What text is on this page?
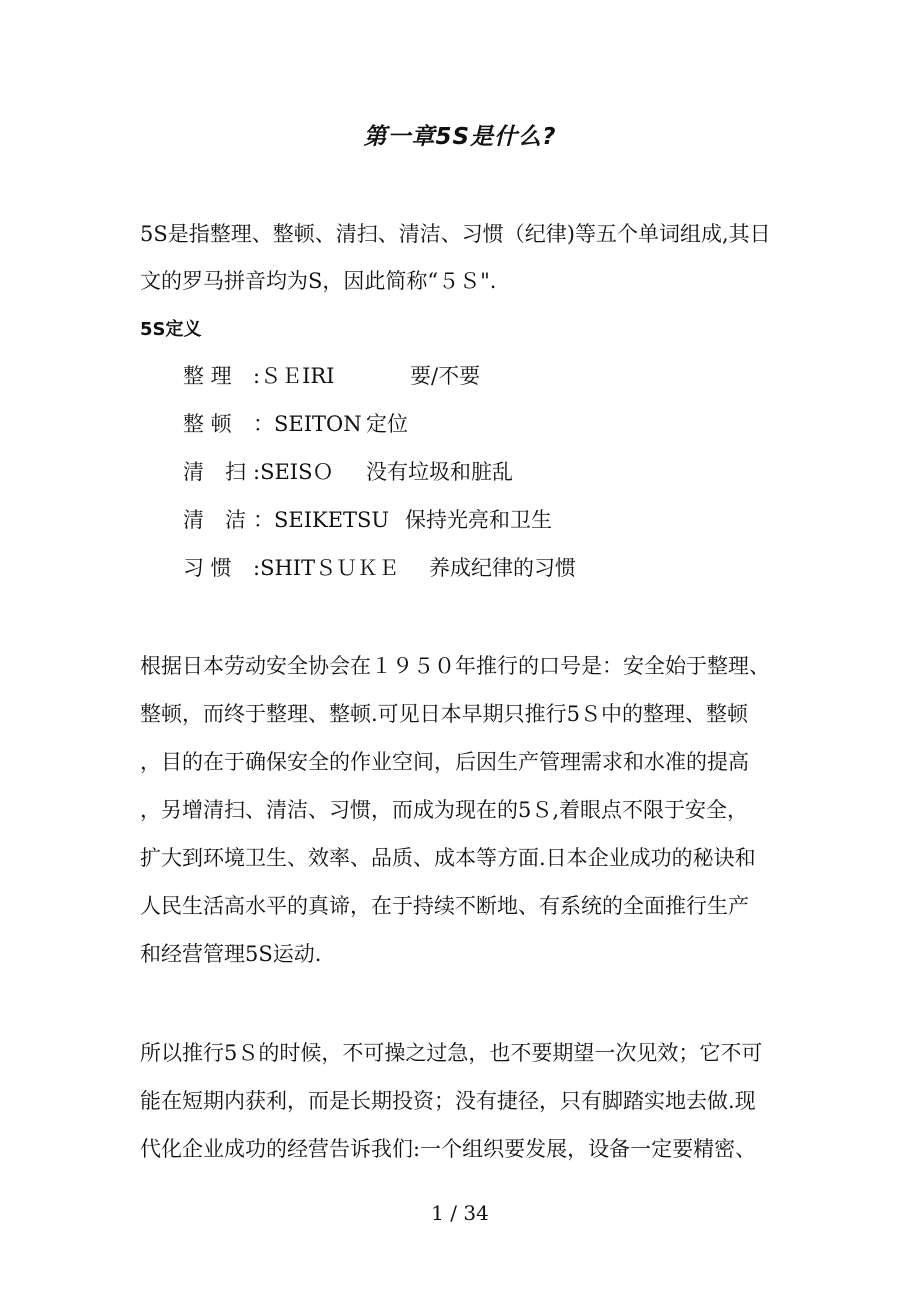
第一章5S是什么?
5S是指整理、整顿、清扫、清洁、习惯（纪律)等五个单词组成,其日
文的罗马拼音均为S，因此简称“５Ｓ".
5S定义
整 理 :ＳＥIRI	要/不要
整 顿 ：SEITON 定位
清　扫 :SEISＯ 没有垃圾和脏乱
清　洁 ：SEIKETSU 保持光亮和卫生
习 惯 :SHITＳＵＫＥ 养成纪律的习惯
根据日本劳动安全协会在１９５０年推行的口号是：安全始于整理、
整顿，而终于整理、整顿.可见日本早期只推行5Ｓ中的整理、整顿
，目的在于确保安全的作业空间，后因生产管理需求和水准的提高
，另增清扫、清洁、习惯，而成为现在的5Ｓ,着眼点不限于安全，
扩大到环境卫生、效率、品质、成本等方面.日本企业成功的秘诀和
人民生活高水平的真谛，在于持续不断地、有系统的全面推行生产
和经营管理5S运动.
所以推行5Ｓ的时候，不可操之过急，也不要期望一次见效；它不可
能在短期内获利，而是长期投资；没有捷径，只有脚踏实地去做.现
代化企业成功的经营告诉我们:一个组织要发展，设备一定要精密、
1 / 34
